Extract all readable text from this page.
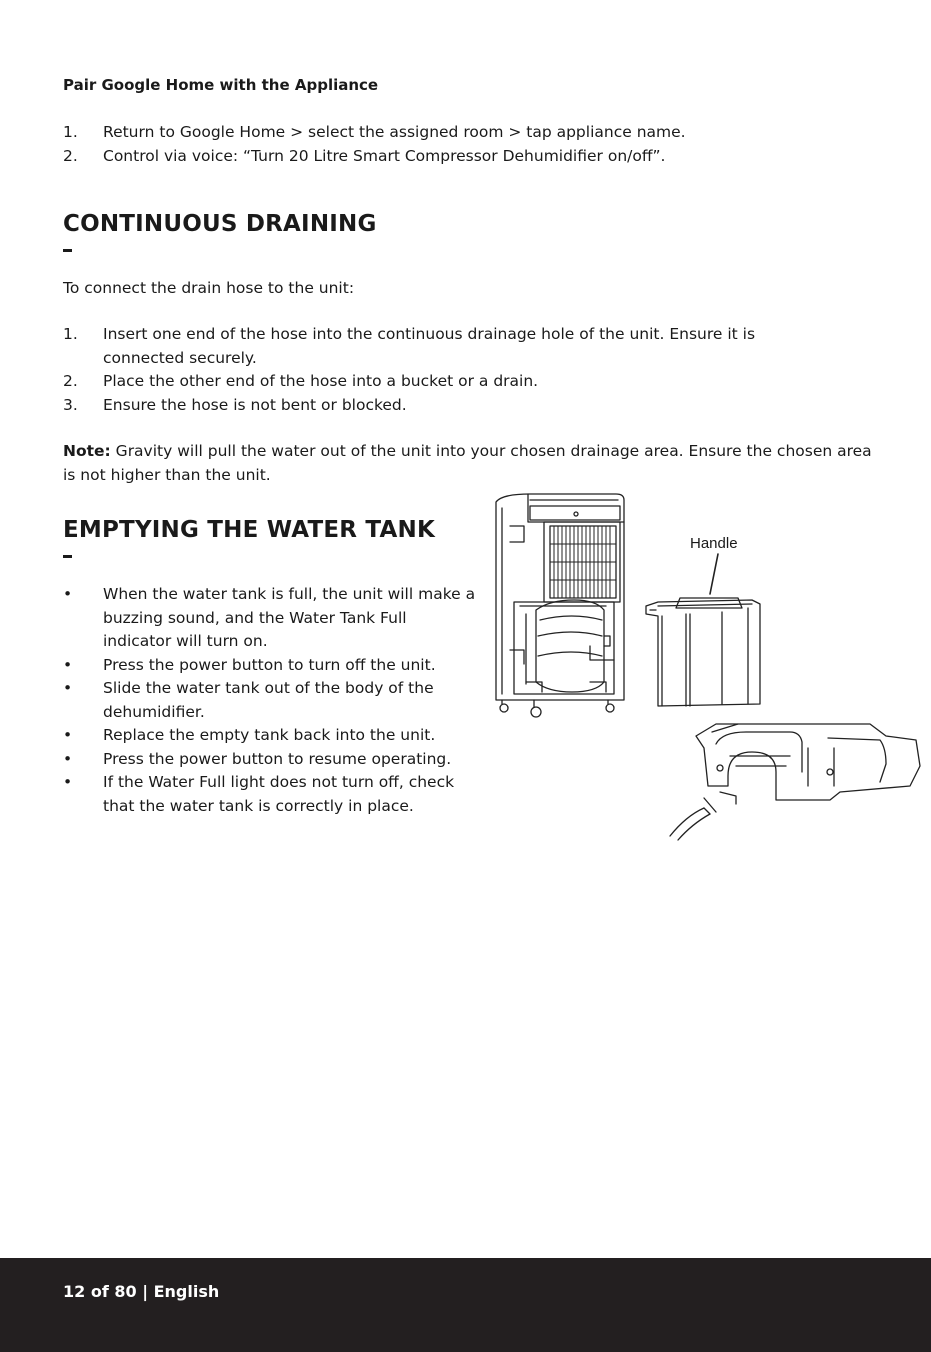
Pair Google Home with the Appliance
1. Return to Google Home > select the assigned room > tap appliance name.
2. Control via voice: “Turn 20 Litre Smart Compressor Dehumidifier on/off”.
CONTINUOUS DRAINING

To connect the drain hose to the unit:

1. Insert one end of the hose into the continuous drainage hole of the unit. Ensure it is connected securely.
2. Place the other end of the hose into a bucket or a drain.
3. Ensure the hose is not bent or blocked.

Note: Gravity will pull the water out of the unit into your chosen drainage area. Ensure the chosen area is not higher than the unit.

EMPTYING THE WATER TANK
• When the water tank is full, the unit will make a buzzing sound, and the Water Tank Full indicator will turn on.
• Press the power button to turn off the unit.
• Slide the water tank out of the body of the dehumidifier.
• Replace the empty tank back into the unit.
• Press the power button to resume operating.
• If the Water Full light does not turn off, check that the water tank is correctly in place.
Handle

12 of 80 | English
